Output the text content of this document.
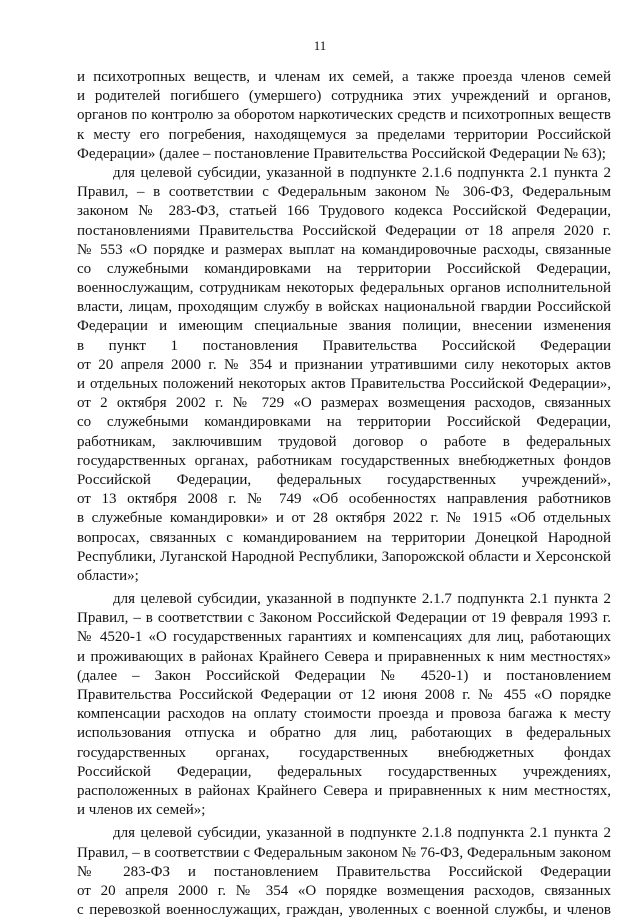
11
и психотропных веществ, и членам их семей, а также проезда членов семей
и родителей погибшего (умершего) сотрудника этих учреждений и органов,
органов по контролю за оборотом наркотических средств и психотропных веществ
к месту его погребения, находящемуся за пределами территории Российской
Федерации» (далее – постановление Правительства Российской Федерации № 63);
для целевой субсидии, указанной в подпункте 2.1.6 подпункта 2.1 пункта 2
Правил, – в соответствии с Федеральным законом № 306-ФЗ, Федеральным
законом № 283-ФЗ, статьей 166 Трудового кодекса Российской Федерации,
постановлениями Правительства Российской Федерации от 18 апреля 2020 г.
№ 553 «О порядке и размерах выплат на командировочные расходы, связанные
со служебными командировками на территории Российской Федерации,
военнослужащим, сотрудникам некоторых федеральных органов исполнительной
власти, лицам, проходящим службу в войсках национальной гвардии Российской
Федерации и имеющим специальные звания полиции, внесении изменения
в пункт 1 постановления Правительства Российской Федерации
от 20 апреля 2000 г. № 354 и признании утратившими силу некоторых актов
и отдельных положений некоторых актов Правительства Российской Федерации»,
от 2 октября 2002 г. № 729 «О размерах возмещения расходов, связанных
со служебными командировками на территории Российской Федерации,
работникам, заключившим трудовой договор о работе в федеральных
государственных органах, работникам государственных внебюджетных фондов
Российской Федерации, федеральных государственных учреждений»,
от 13 октября 2008 г. № 749 «Об особенностях направления работников
в служебные командировки» и от 28 октября 2022 г. № 1915 «Об отдельных
вопросах, связанных с командированием на территории Донецкой Народной
Республики, Луганской Народной Республики, Запорожской области и Херсонской
области»;
для целевой субсидии, указанной в подпункте 2.1.7 подпункта 2.1 пункта 2
Правил, – в соответствии с Законом Российской Федерации от 19 февраля 1993 г.
№ 4520-1 «О государственных гарантиях и компенсациях для лиц, работающих
и проживающих в районах Крайнего Севера и приравненных к ним местностях»
(далее – Закон Российской Федерации № 4520-1) и постановлением
Правительства Российской Федерации от 12 июня 2008 г. № 455 «О порядке
компенсации расходов на оплату стоимости проезда и провоза багажа к месту
использования отпуска и обратно для лиц, работающих в федеральных
государственных органах, государственных внебюджетных фондах
Российской Федерации, федеральных государственных учреждениях,
расположенных в районах Крайнего Севера и приравненных к ним местностях,
и членов их семей»;
для целевой субсидии, указанной в подпункте 2.1.8 подпункта 2.1 пункта 2
Правил, – в соответствии с Федеральным законом № 76-ФЗ, Федеральным законом
№ 283-ФЗ и постановлением Правительства Российской Федерации
от 20 апреля 2000 г. № 354 «О порядке возмещения расходов, связанных
с перевозкой военнослужащих, граждан, уволенных с военной службы, и членов
